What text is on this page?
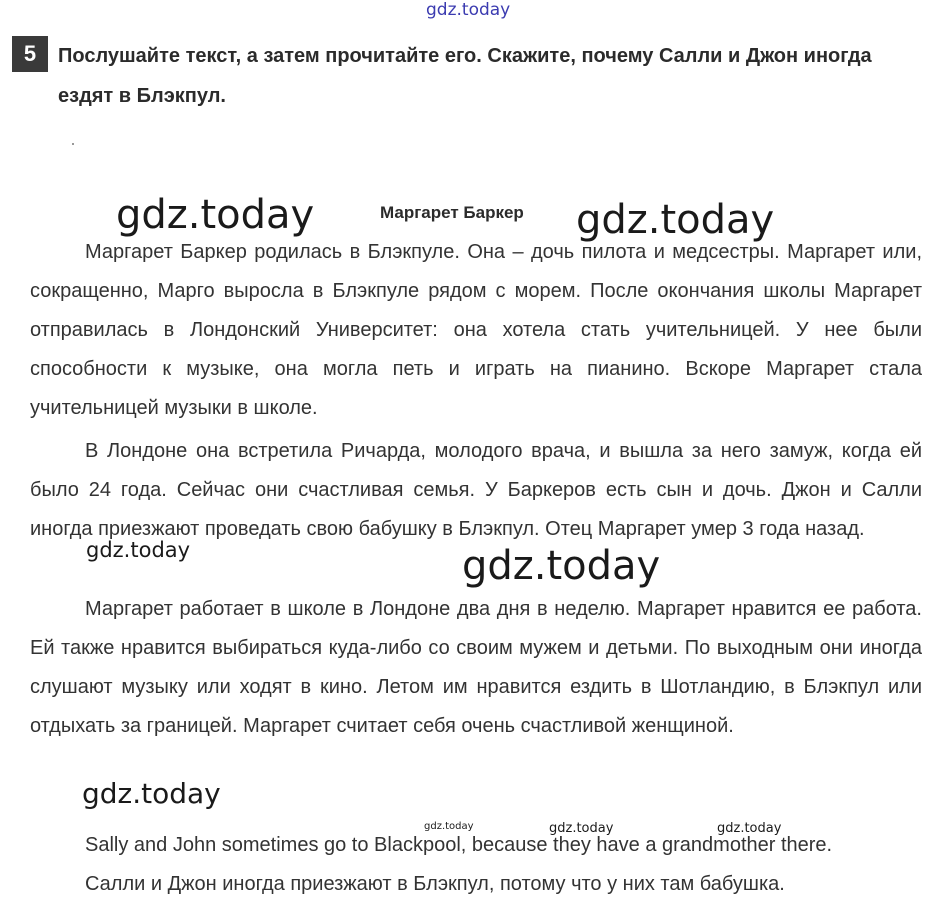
5	Послушайте текст, а затем прочитайте его. Скажите, почему Салли и Джон иногда ездят в Блэкпул.
Маргарет Баркер
Маргарет Баркер родилась в Блэкпуле. Она – дочь пилота и медсестры. Маргарет или, сокращенно, Марго выросла в Блэкпуле рядом с морем. После окончания школы Маргарет отправилась в Лондонский Университет: она хотела стать учительницей. У нее были способности к музыке, она могла петь и играть на пианино. Вскоре Маргарет стала учительницей музыки в школе.
В Лондоне она встретила Ричарда, молодого врача, и вышла за него замуж, когда ей было 24 года. Сейчас они счастливая семья. У Баркеров есть сын и дочь. Джон и Салли иногда приезжают проведать свою бабушку в Блэкпул. Отец Маргарет умер 3 года назад.
Маргарет работает в школе в Лондоне два дня в неделю. Маргарет нравится ее работа. Ей также нравится выбираться куда-либо со своим мужем и детьми. По выходным они иногда слушают музыку или ходят в кино. Летом им нравится ездить в Шотландию, в Блэкпул или отдыхать за границей. Маргарет считает себя очень счастливой женщиной.
Sally and John sometimes go to Blackpool, because they have a grandmother there.
Салли и Джон иногда приезжают в Блэкпул, потому что у них там бабушка.
gdz.today
gdz.today	gdz.today
gdz.today	gdz.today
gdz.today
gdz.today	gdz.today	gdz.today
